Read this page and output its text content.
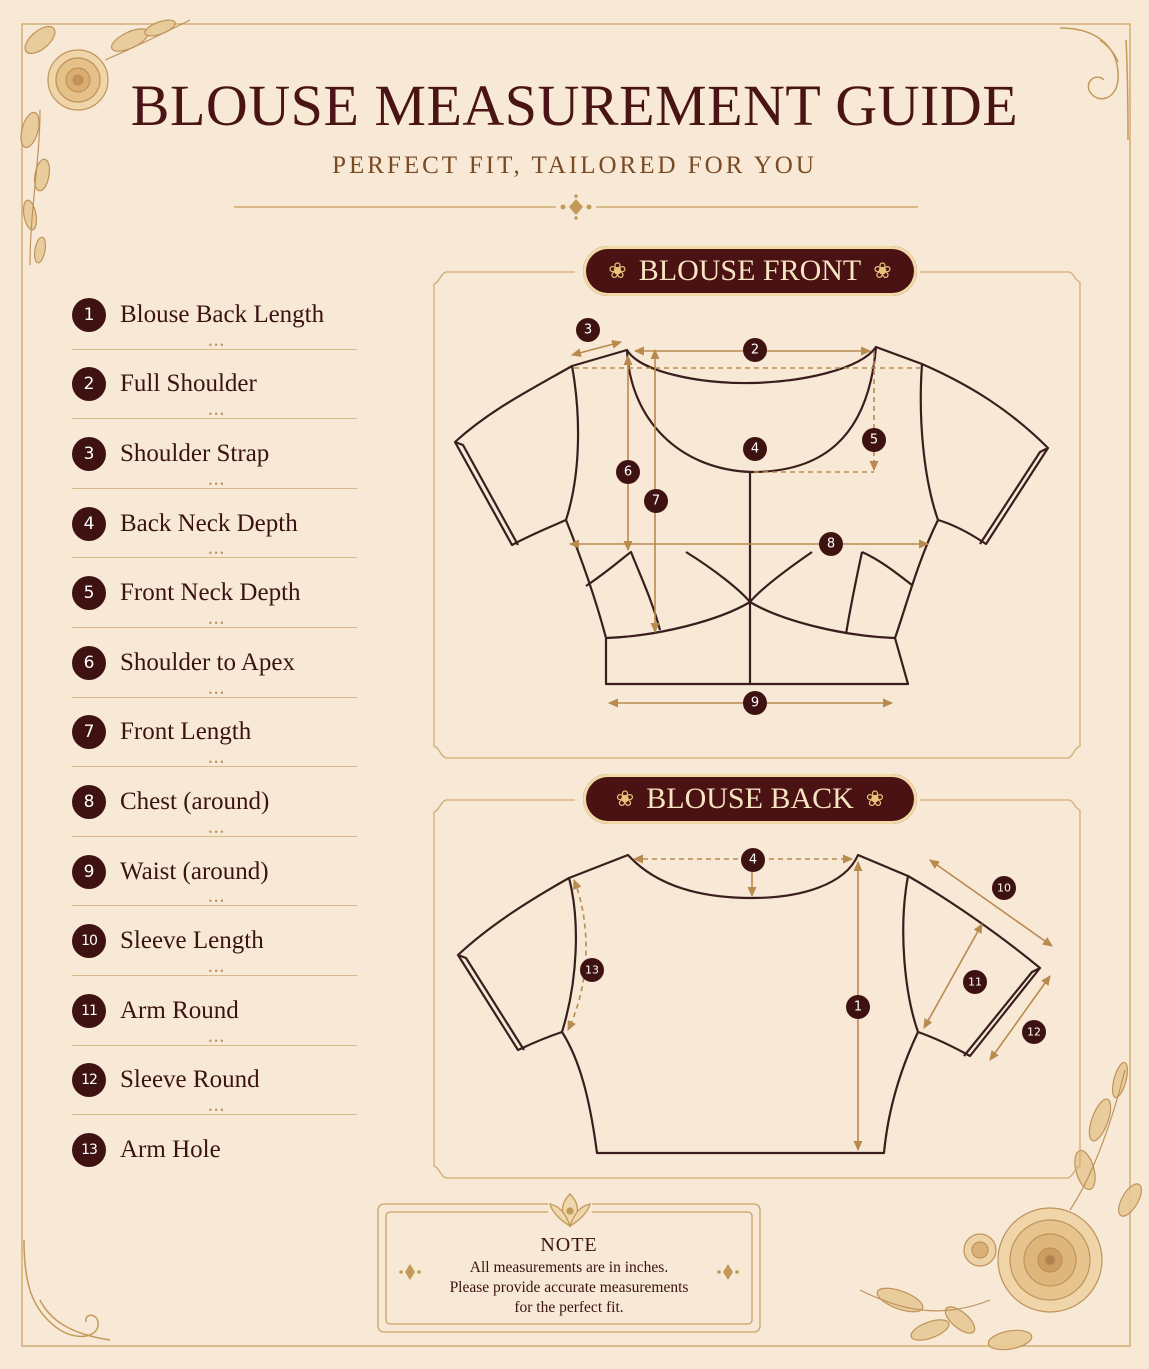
BLOUSE MEASUREMENT GUIDE
PERFECT FIT, TAILORED FOR YOU
1	Blouse Back Length
•••
2	Full Shoulder
•••
3	Shoulder Strap
•••
4	Back Neck Depth
•••
5	Front Neck Depth
•••
6	Shoulder to Apex
•••
7	Front Length
•••
8	Chest (around)
•••
9	Waist (around)
•••
10 Sleeve Length
•••
11 Arm Round
•••
12 Sleeve Round
•••
13 Arm Hole
❀ BLOUSE FRONT ❀
❀ BLOUSE BACK ❀
3
2
4
5
6
7
8
9
4
10
13
11
1
12
NOTE
All measurements are in inches.
Please provide accurate measurements
for the perfect fit.
